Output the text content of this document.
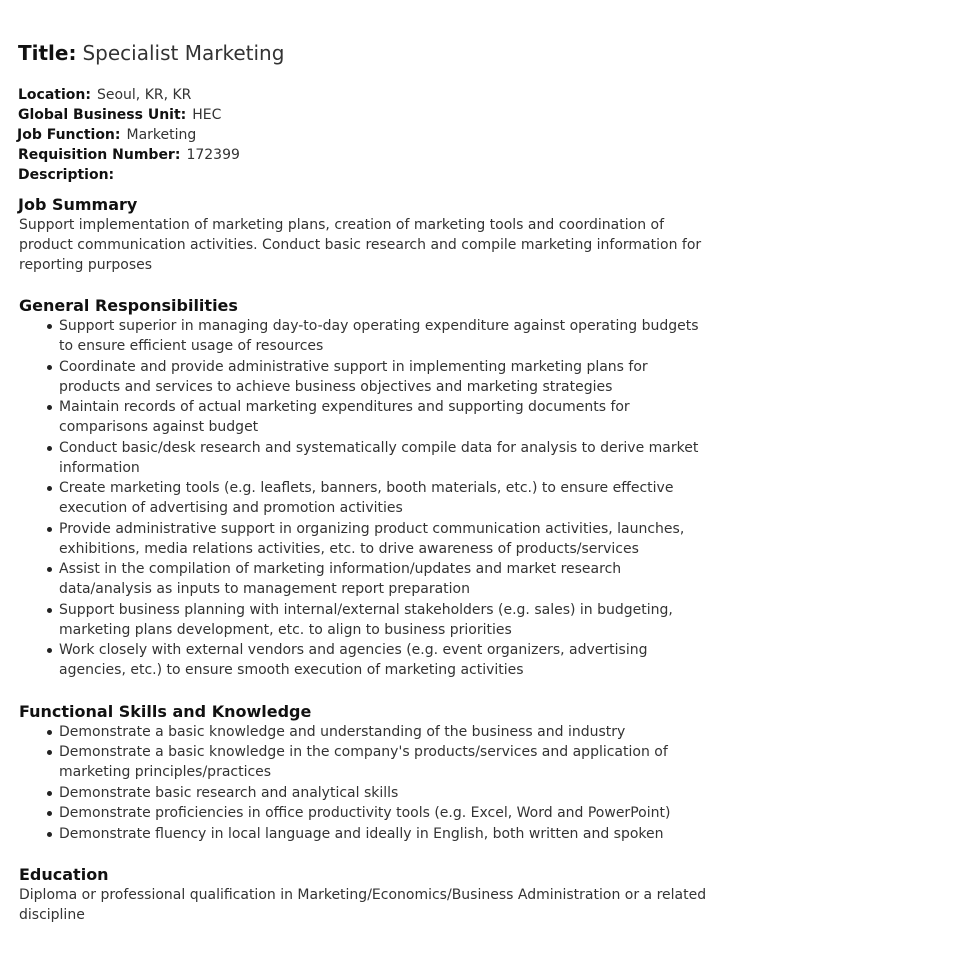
Title: Specialist Marketing
Location: Seoul, KR, KR
Global Business Unit: HEC
Job Function: Marketing
Requisition Number: 172399
Description:
Job Summary

Support implementation of marketing plans, creation of marketing tools and coordination of product communication activities. Conduct basic research and compile marketing information for reporting purposes

General Responsibilities
Support superior in managing day-to-day operating expenditure against operating budgets to ensure efficient usage of resources
Coordinate and provide administrative support in implementing marketing plans for products and services to achieve business objectives and marketing strategies
Maintain records of actual marketing expenditures and supporting documents for comparisons against budget
Conduct basic/desk research and systematically compile data for analysis to derive market information
Create marketing tools (e.g. leaflets, banners, booth materials, etc.) to ensure effective execution of advertising and promotion activities
Provide administrative support in organizing product communication activities, launches, exhibitions, media relations activities, etc. to drive awareness of products/services
Assist in the compilation of marketing information/updates and market research data/analysis as inputs to management report preparation
Support business planning with internal/external stakeholders (e.g. sales) in budgeting, marketing plans development, etc. to align to business priorities
Work closely with external vendors and agencies (e.g. event organizers, advertising agencies, etc.) to ensure smooth execution of marketing activities
Functional Skills and Knowledge
Demonstrate a basic knowledge and understanding of the business and industry
Demonstrate a basic knowledge in the company's products/services and application of marketing principles/practices
Demonstrate basic research and analytical skills
Demonstrate proficiencies in office productivity tools (e.g. Excel, Word and PowerPoint)
Demonstrate fluency in local language and ideally in English, both written and spoken
Education

Diploma or professional qualification in Marketing/Economics/Business Administration or a related discipline
